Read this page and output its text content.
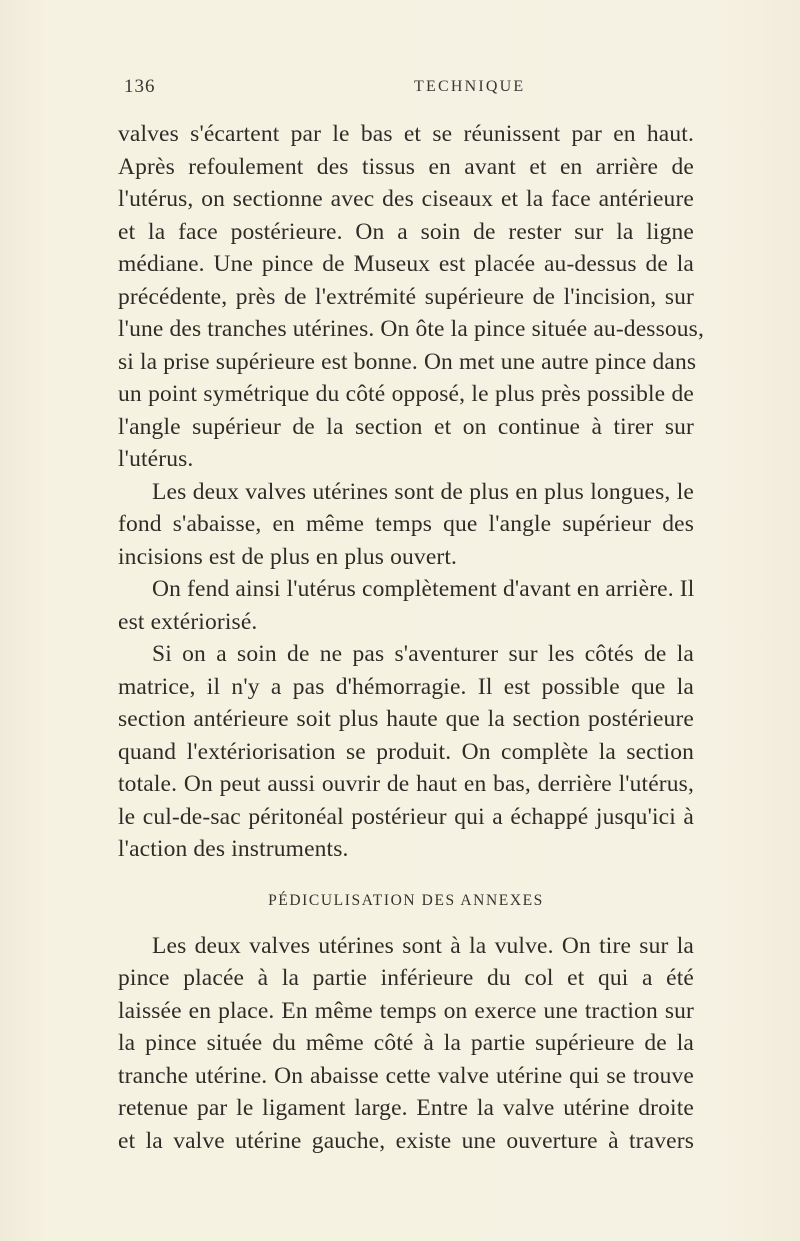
136	TECHNIQUE
valves s'écartent par le bas et se réunissent par en haut.
Après refoulement des tissus en avant et en arrière de
l'utérus, on sectionne avec des ciseaux et la face antérieure
et la face postérieure. On a soin de rester sur la ligne
médiane. Une pince de Museux est placée au-dessus de la
précédente, près de l'extrémité supérieure de l'incision, sur
l'une des tranches utérines. On ôte la pince située au-dessous,
si la prise supérieure est bonne. On met une autre pince dans
un point symétrique du côté opposé, le plus près possible de
l'angle supérieur de la section et on continue à tirer sur
l'utérus.
Les deux valves utérines sont de plus en plus longues, le
fond s'abaisse, en même temps que l'angle supérieur des
incisions est de plus en plus ouvert.
On fend ainsi l'utérus complètement d'avant en arrière. Il
est extériorisé.
Si on a soin de ne pas s'aventurer sur les côtés de la
matrice, il n'y a pas d'hémorragie. Il est possible que la
section antérieure soit plus haute que la section postérieure
quand l'extériorisation se produit. On complète la section
totale. On peut aussi ouvrir de haut en bas, derrière l'utérus,
le cul-de-sac péritonéal postérieur qui a échappé jusqu'ici à
l'action des instruments.
PÉDICULISATION DES ANNEXES
Les deux valves utérines sont à la vulve. On tire sur la
pince placée à la partie inférieure du col et qui a été
laissée en place. En même temps on exerce une traction sur
la pince située du même côté à la partie supérieure de la
tranche utérine. On abaisse cette valve utérine qui se trouve
retenue par le ligament large. Entre la valve utérine droite
et la valve utérine gauche, existe une ouverture à travers
